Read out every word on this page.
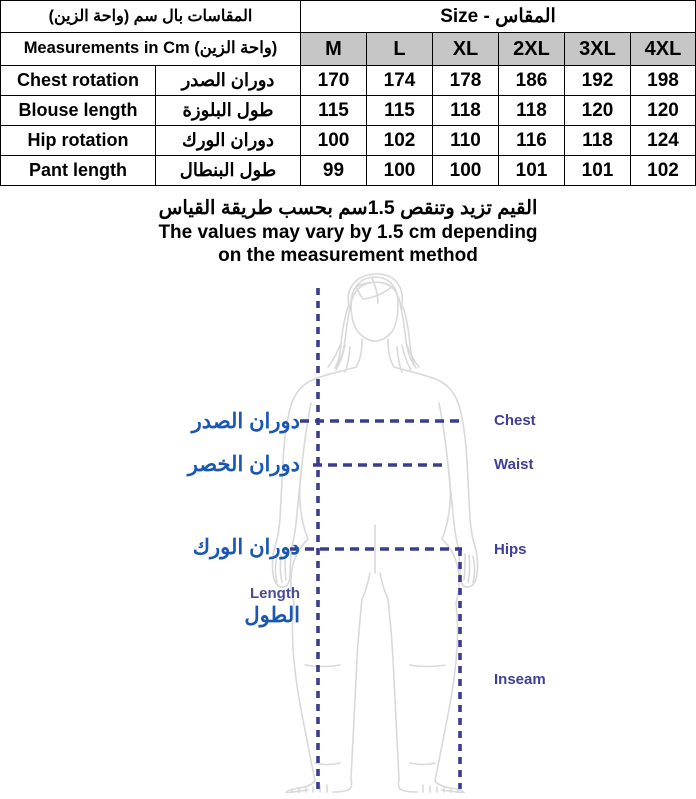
المقاسات بال سم (واحة الزين)		Size - المقاس					
Measurements in Cm (واحة الزين)		M	L	XL	2XL	3XL	4XL
Chest rotation	دوران الصدر	170	174	178	186	192	198
Blouse length	طول البلوزة	115	115	118	118	120	120
Hip rotation	دوران الورك	100	102	110	116	118	124
Pant length	طول البنطال	99	100	100	101	101	102
القيم تزيد وتنقص 1.5سم بحسب طريقة القياس
The values may vary by 1.5 cm depending
on the measurement method
دوران الصدر
دوران الخصر
دوران الورك
Length
الطول
Chest
Waist
Hips
Inseam
